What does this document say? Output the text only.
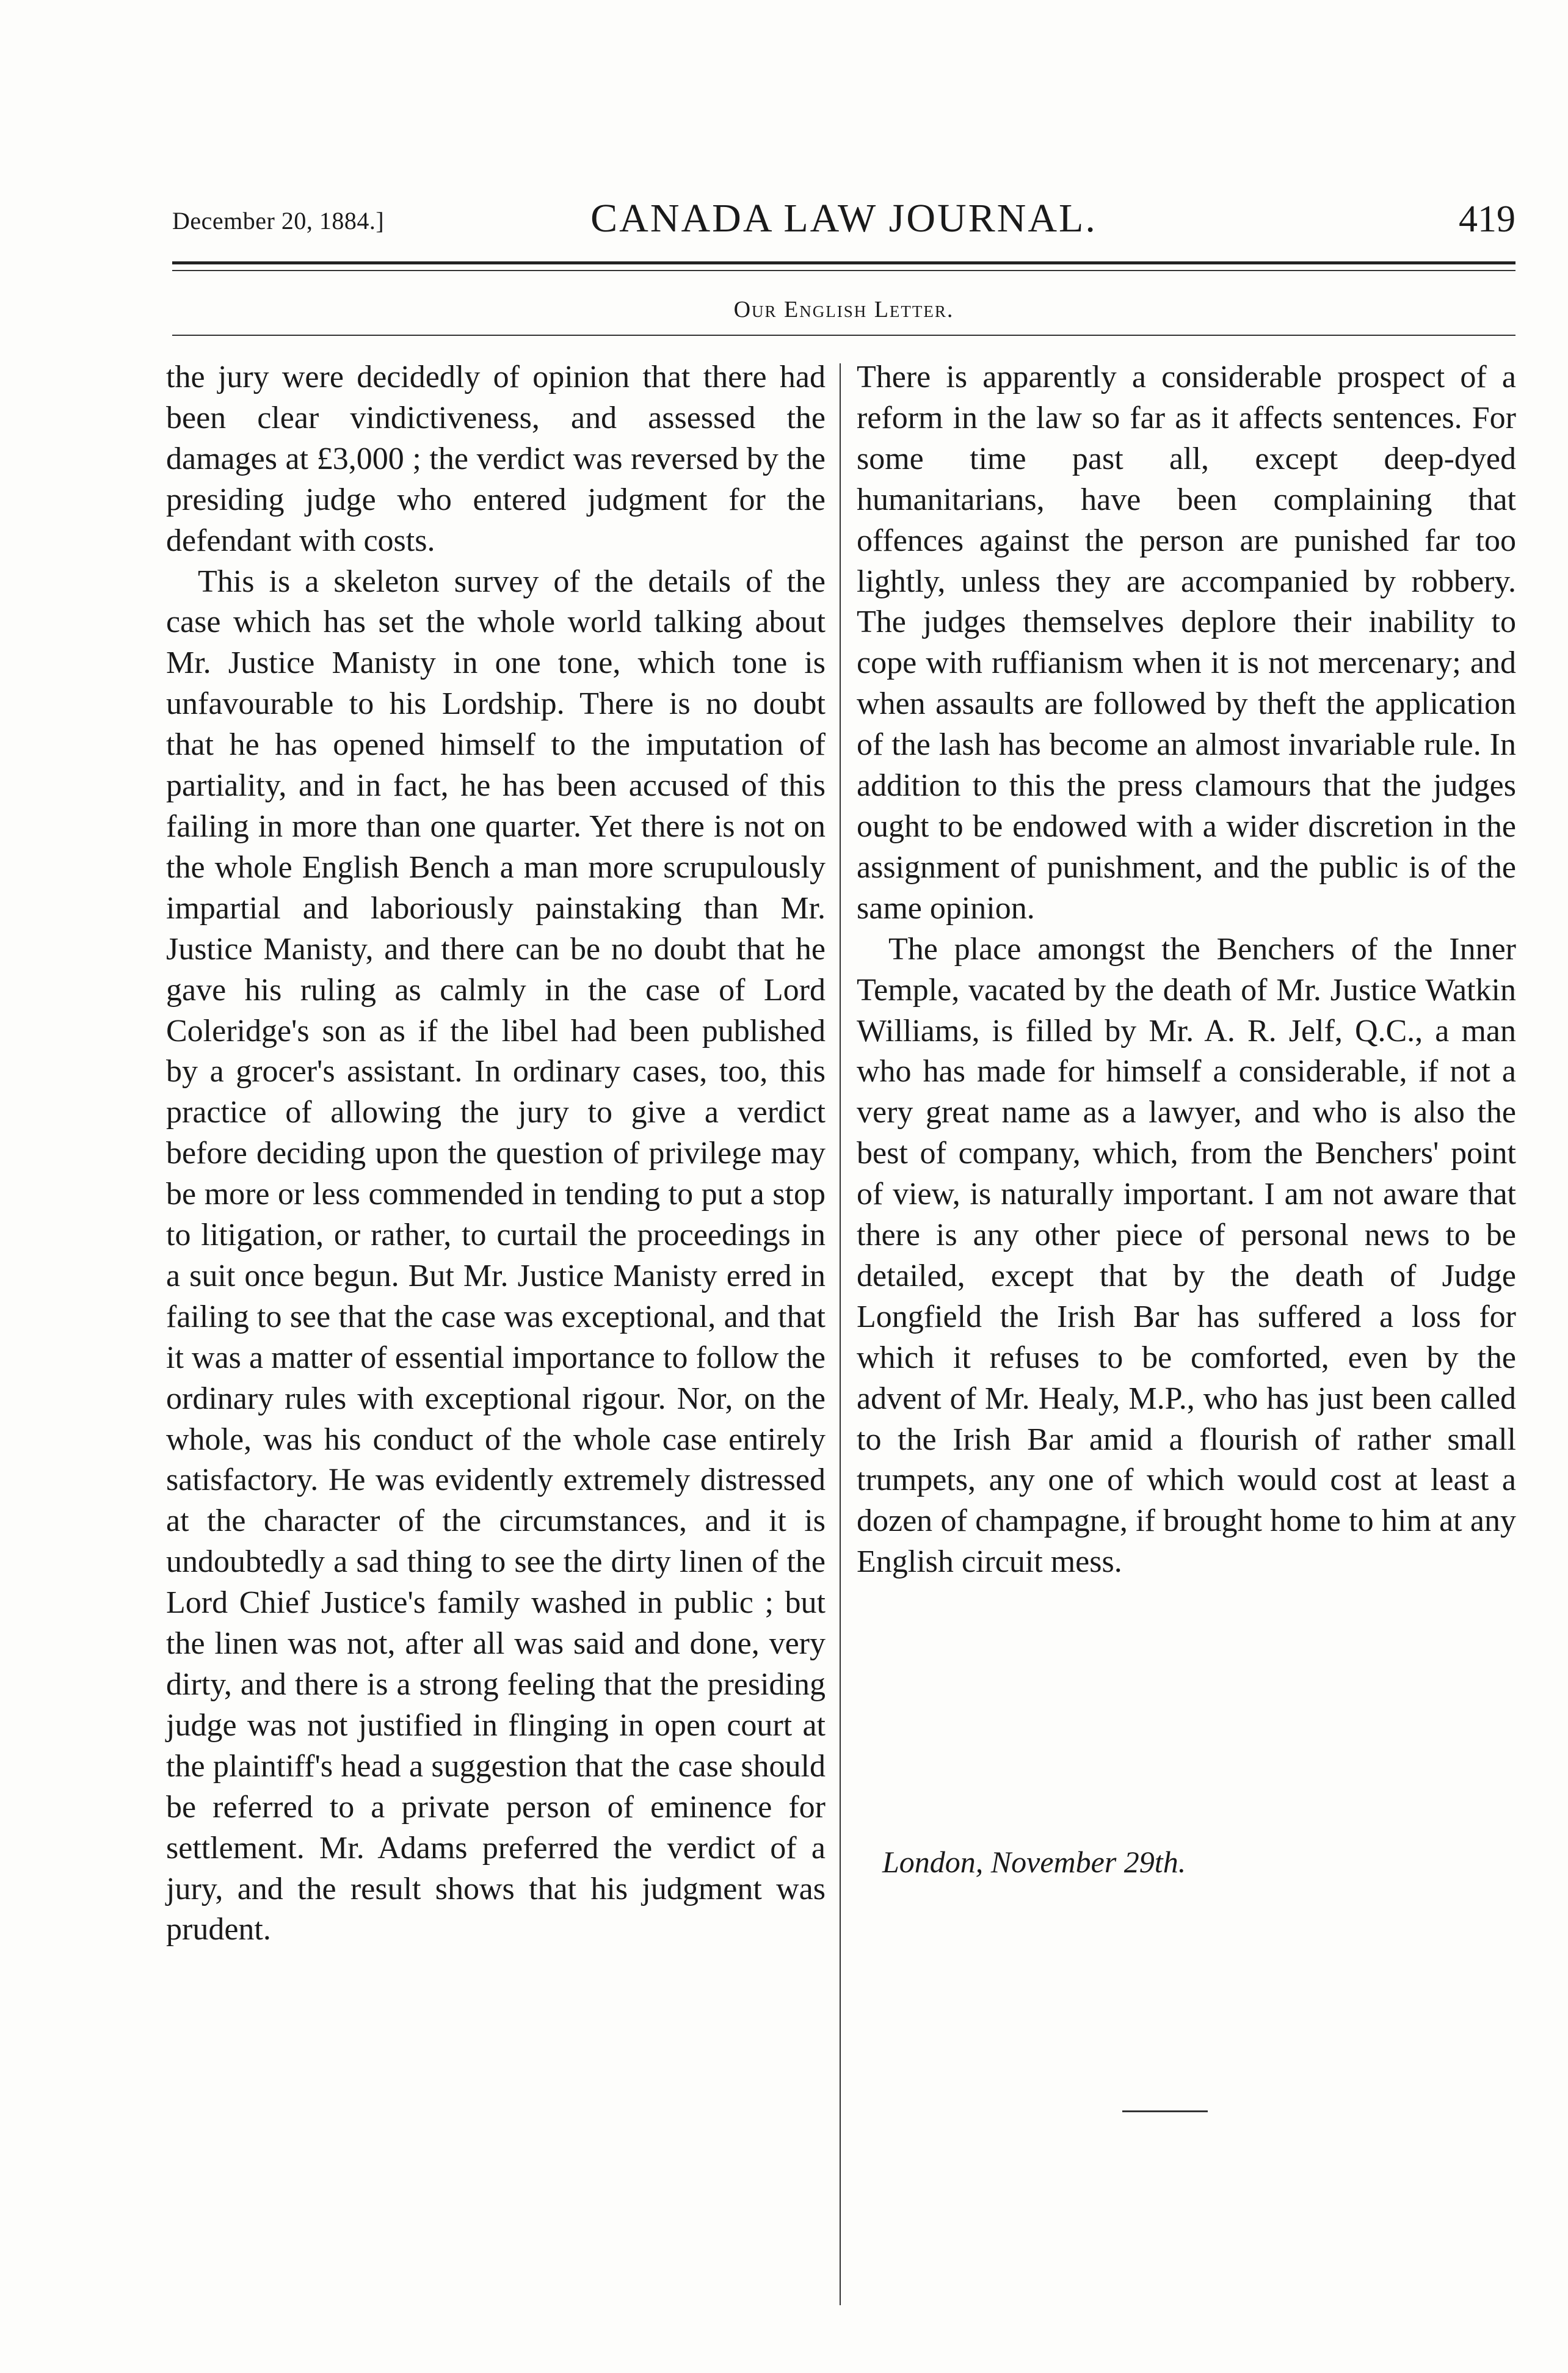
December 20, 1884.]	CANADA LAW JOURNAL.	419
Our English Letter.

the jury were decidedly of opinion that there had been clear vindictiveness, and assessed the damages at £3,000 ; the verdict was reversed by the presiding judge who entered judgment for the defendant with costs.

This is a skeleton survey of the details of the case which has set the whole world talking about Mr. Justice Manisty in one tone, which tone is unfavourable to his Lordship. There is no doubt that he has opened himself to the imputation of partiality, and in fact, he has been accused of this failing in more than one quarter. Yet there is not on the whole English Bench a man more scrupulously impartial and laboriously painstaking than Mr. Justice Manisty, and there can be no doubt that he gave his ruling as calmly in the case of Lord Coleridge's son as if the libel had been published by a grocer's assistant. In ordinary cases, too, this practice of allowing the jury to give a verdict before deciding upon the question of privilege may be more or less commended in tending to put a stop to litigation, or rather, to curtail the proceedings in a suit once begun. But Mr. Justice Manisty erred in failing to see that the case was exceptional, and that it was a matter of essential importance to follow the ordinary rules with exceptional rigour. Nor, on the whole, was his conduct of the whole case entirely satisfactory. He was evidently extremely distressed at the character of the circumstances, and it is undoubtedly a sad thing to see the dirty linen of the Lord Chief Justice's family washed in public ; but the linen was not, after all was said and done, very dirty, and there is a strong feeling that the presiding judge was not justified in flinging in open court at the plaintiff's head a suggestion that the case should be referred to a private person of eminence for settlement. Mr. Adams preferred the verdict of a jury, and the result shows that his judgment was prudent.

There is apparently a considerable prospect of a reform in the law so far as it affects sentences. For some time past all, except deep-dyed humanitarians, have been complaining that offences against the person are punished far too lightly, unless they are accompanied by robbery. The judges themselves deplore their inability to cope with ruffianism when it is not mercenary; and when assaults are followed by theft the application of the lash has become an almost invariable rule. In addition to this the press clamours that the judges ought to be endowed with a wider discretion in the assignment of punishment, and the public is of the same opinion.

The place amongst the Benchers of the Inner Temple, vacated by the death of Mr. Justice Watkin Williams, is filled by Mr. A. R. Jelf, Q.C., a man who has made for himself a considerable, if not a very great name as a lawyer, and who is also the best of company, which, from the Benchers' point of view, is naturally important. I am not aware that there is any other piece of personal news to be detailed, except that by the death of Judge Longfield the Irish Bar has suffered a loss for which it refuses to be comforted, even by the advent of Mr. Healy, M.P., who has just been called to the Irish Bar amid a flourish of rather small trumpets, any one of which would cost at least a dozen of champagne, if brought home to him at any English circuit mess.

London, November 29th.
